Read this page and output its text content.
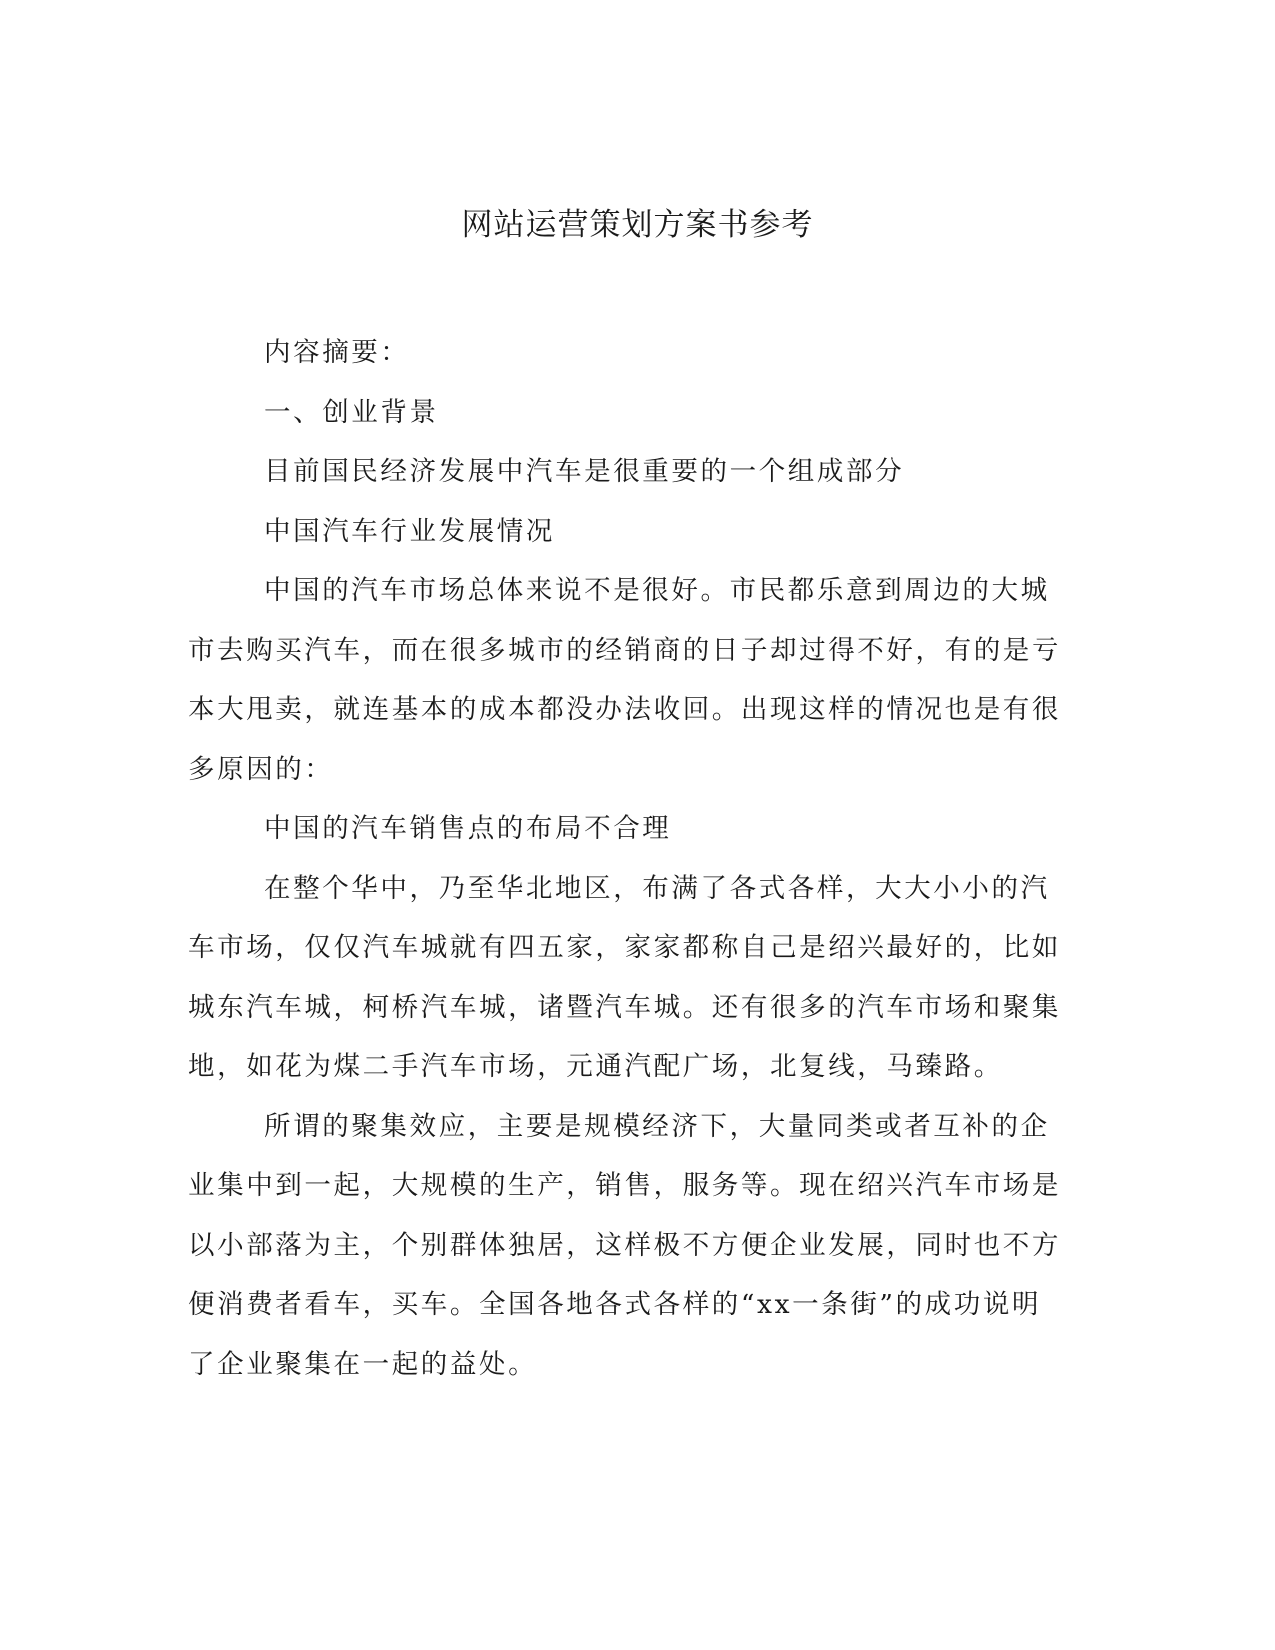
网站运营策划方案书参考

内容摘要：

一、创业背景

目前国民经济发展中汽车是很重要的一个组成部分

中国汽车行业发展情况

中国的汽车市场总体来说不是很好。市民都乐意到周边的大城市去购买汽车，而在很多城市的经销商的日子却过得不好，有的是亏本大甩卖，就连基本的成本都没办法收回。出现这样的情况也是有很多原因的：

中国的汽车销售点的布局不合理

在整个华中，乃至华北地区，布满了各式各样，大大小小的汽车市场，仅仅汽车城就有四五家，家家都称自己是绍兴最好的，比如城东汽车城，柯桥汽车城，诸暨汽车城。还有很多的汽车市场和聚集地，如花为煤二手汽车市场，元通汽配广场，北复线，马臻路。

所谓的聚集效应，主要是规模经济下，大量同类或者互补的企业集中到一起，大规模的生产，销售，服务等。现在绍兴汽车市场是以小部落为主，个别群体独居，这样极不方便企业发展，同时也不方便消费者看车，买车。全国各地各式各样的“xx一条街”的成功说明了企业聚集在一起的益处。
